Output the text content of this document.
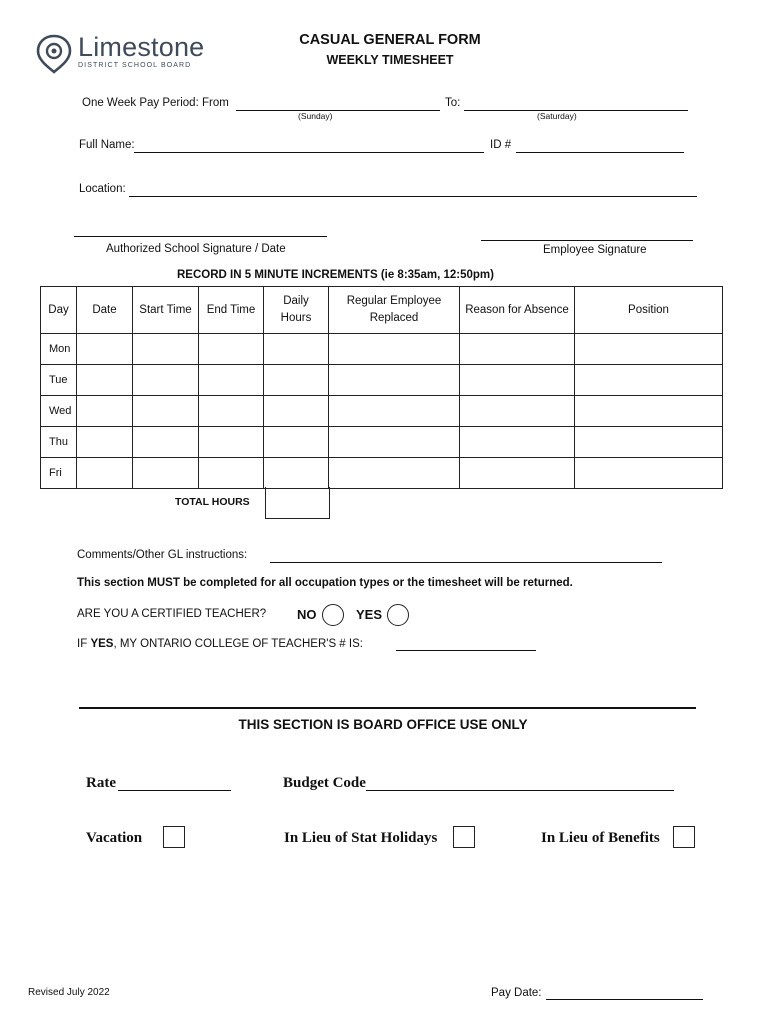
Limestone
DISTRICT SCHOOL BOARD
CASUAL GENERAL FORM
WEEKLY TIMESHEET
One Week Pay Period: From	To:
(Sunday)	(Saturday)
Full Name:	ID #
Location:
Authorized School Signature / Date	Employee Signature
RECORD IN 5 MINUTE INCREMENTS (ie 8:35am, 12:50pm)
Day	Date	Start Time	End Time	Daily Hours	Regular Employee Replaced	Reason for Absence	Position
Mon							
Tue							
Wed							
Thu							
Fri							
TOTAL HOURS
Comments/Other GL instructions:
This section MUST be completed for all occupation types or the timesheet will be returned.
ARE YOU A CERTIFIED TEACHER? NO	YES
IF YES, MY ONTARIO COLLEGE OF TEACHER'S # IS:
THIS SECTION IS BOARD OFFICE USE ONLY
Rate	Budget Code
Vacation	In Lieu of Stat Holidays	In Lieu of Benefits
Revised July 2022	Pay Date:
